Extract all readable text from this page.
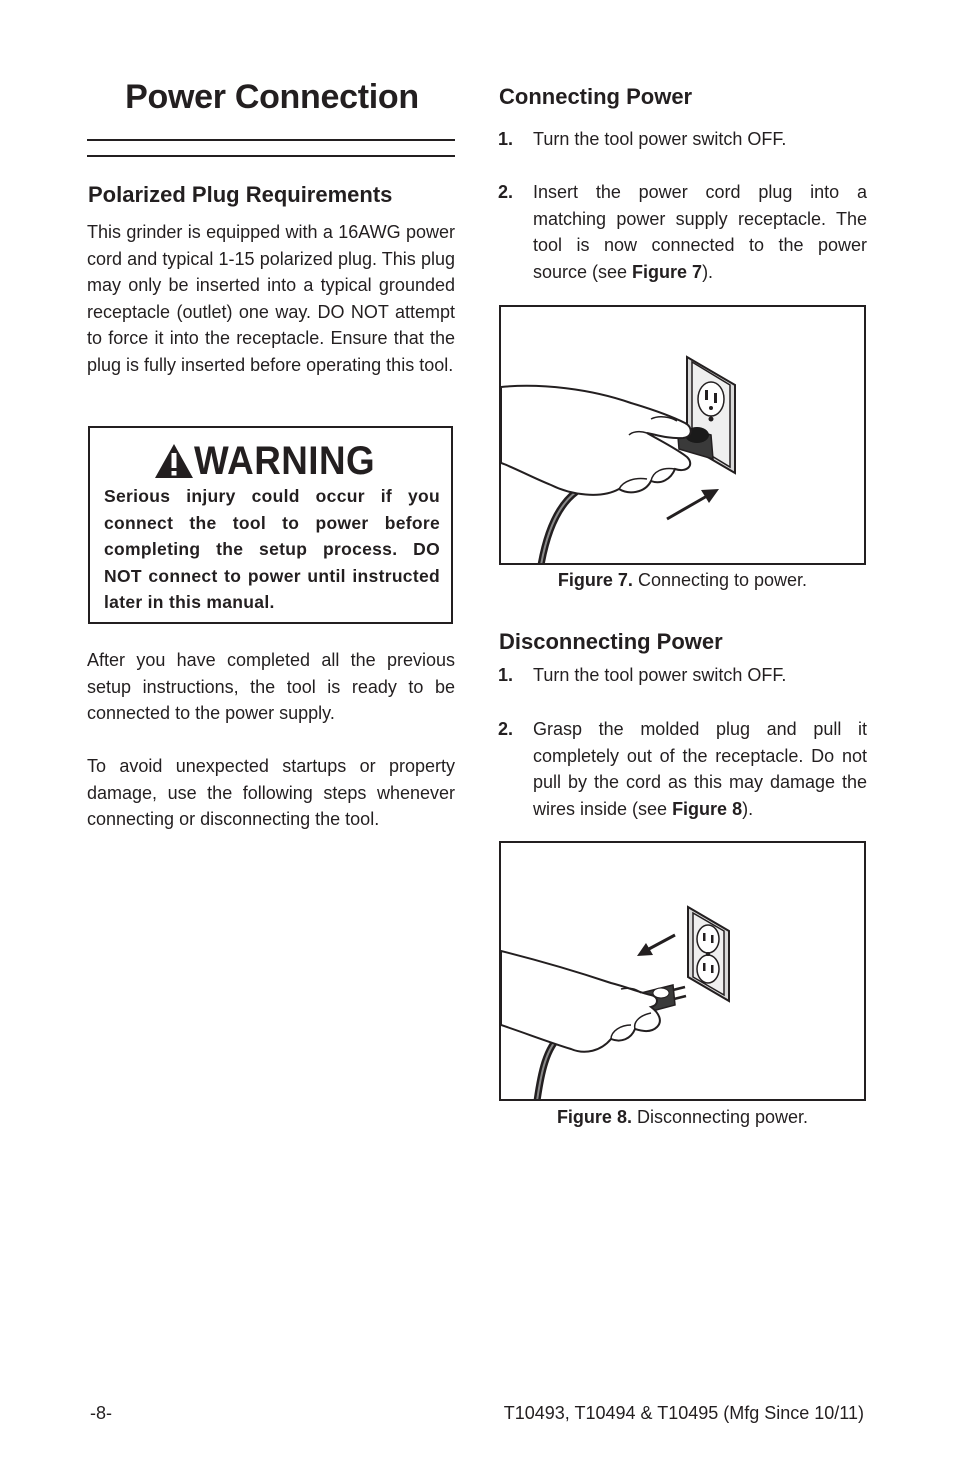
Power Connection
Polarized Plug Requirements

This grinder is equipped with a 16AWG power cord and typical 1-15 polarized plug. This plug may only be inserted into a typical grounded receptacle (outlet) one way. DO NOT attempt to force it into the receptacle. Ensure that the plug is fully inserted before operating this tool.

WARNING
Serious injury could occur if you connect the tool to power before completing the setup process. DO NOT connect to power until instructed later in this manual.

After you have completed all the previous setup instructions, the tool is ready to be connected to the power supply.

To avoid unexpected startups or property damage, use the following steps whenever connecting or disconnecting the tool.

Connecting Power
1. Turn the tool power switch OFF.
2. Insert the power cord plug into a matching power supply receptacle. The tool is now connected to the power source (see Figure 7).
Figure 7. Connecting to power.
Disconnecting Power
1. Turn the tool power switch OFF.
2. Grasp the molded plug and pull it completely out of the receptacle. Do not pull by the cord as this may damage the wires inside (see Figure 8).
Figure 8. Disconnecting power.
-8-	T10493, T10494 & T10495 (Mfg Since 10/11)
